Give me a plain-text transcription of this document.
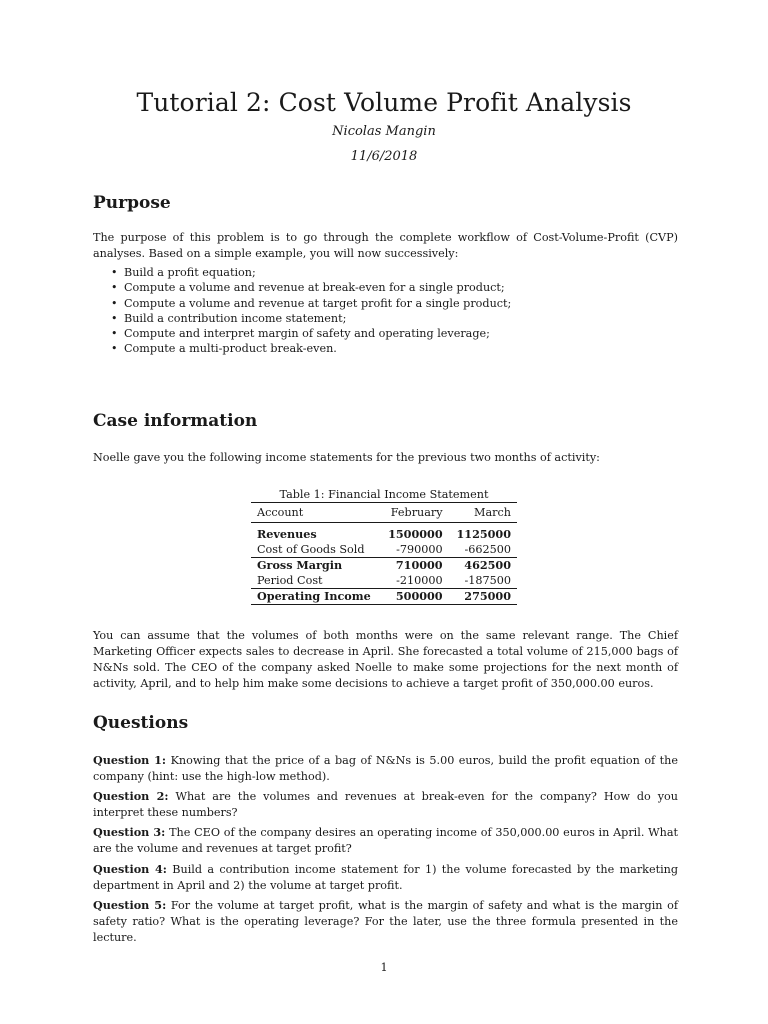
Tutorial 2: Cost Volume Profit Analysis
Nicolas Mangin
11/6/2018
Purpose
The purpose of this problem is to go through the complete workflow of Cost-Volume-Profit (CVP) analyses. Based on a simple example, you will now successively:
• Build a profit equation;
• Compute a volume and revenue at break-even for a single product;
• Compute a volume and revenue at target profit for a single product;
• Build a contribution income statement;
• Compute and interpret margin of safety and operating leverage;
• Compute a multi-product break-even.
Case information
Noelle gave you the following income statements for the previous two months of activity:
Table 1: Financial Income Statement
Account	February	March
Revenues	1500000	1125000
Cost of Goods Sold	-790000	-662500
Gross Margin	710000	462500
Period Cost	-210000	-187500
Operating Income	500000	275000
You can assume that the volumes of both months were on the same relevant range. The Chief Marketing Officer expects sales to decrease in April. She forecasted a total volume of 215,000 bags of N&Ns sold. The CEO of the company asked Noelle to make some projections for the next month of activity, April, and to help him make some decisions to achieve a target profit of 350,000.00 euros.
Questions
Question 1: Knowing that the price of a bag of N&Ns is 5.00 euros, build the profit equation of the company (hint: use the high-low method).
Question 2: What are the volumes and revenues at break-even for the company? How do you interpret these numbers?
Question 3: The CEO of the company desires an operating income of 350,000.00 euros in April. What are the volume and revenues at target profit?
Question 4: Build a contribution income statement for 1) the volume forecasted by the marketing department in April and 2) the volume at target profit.
Question 5: For the volume at target profit, what is the margin of safety and what is the margin of safety ratio? What is the operating leverage? For the later, use the three formula presented in the lecture.
1
